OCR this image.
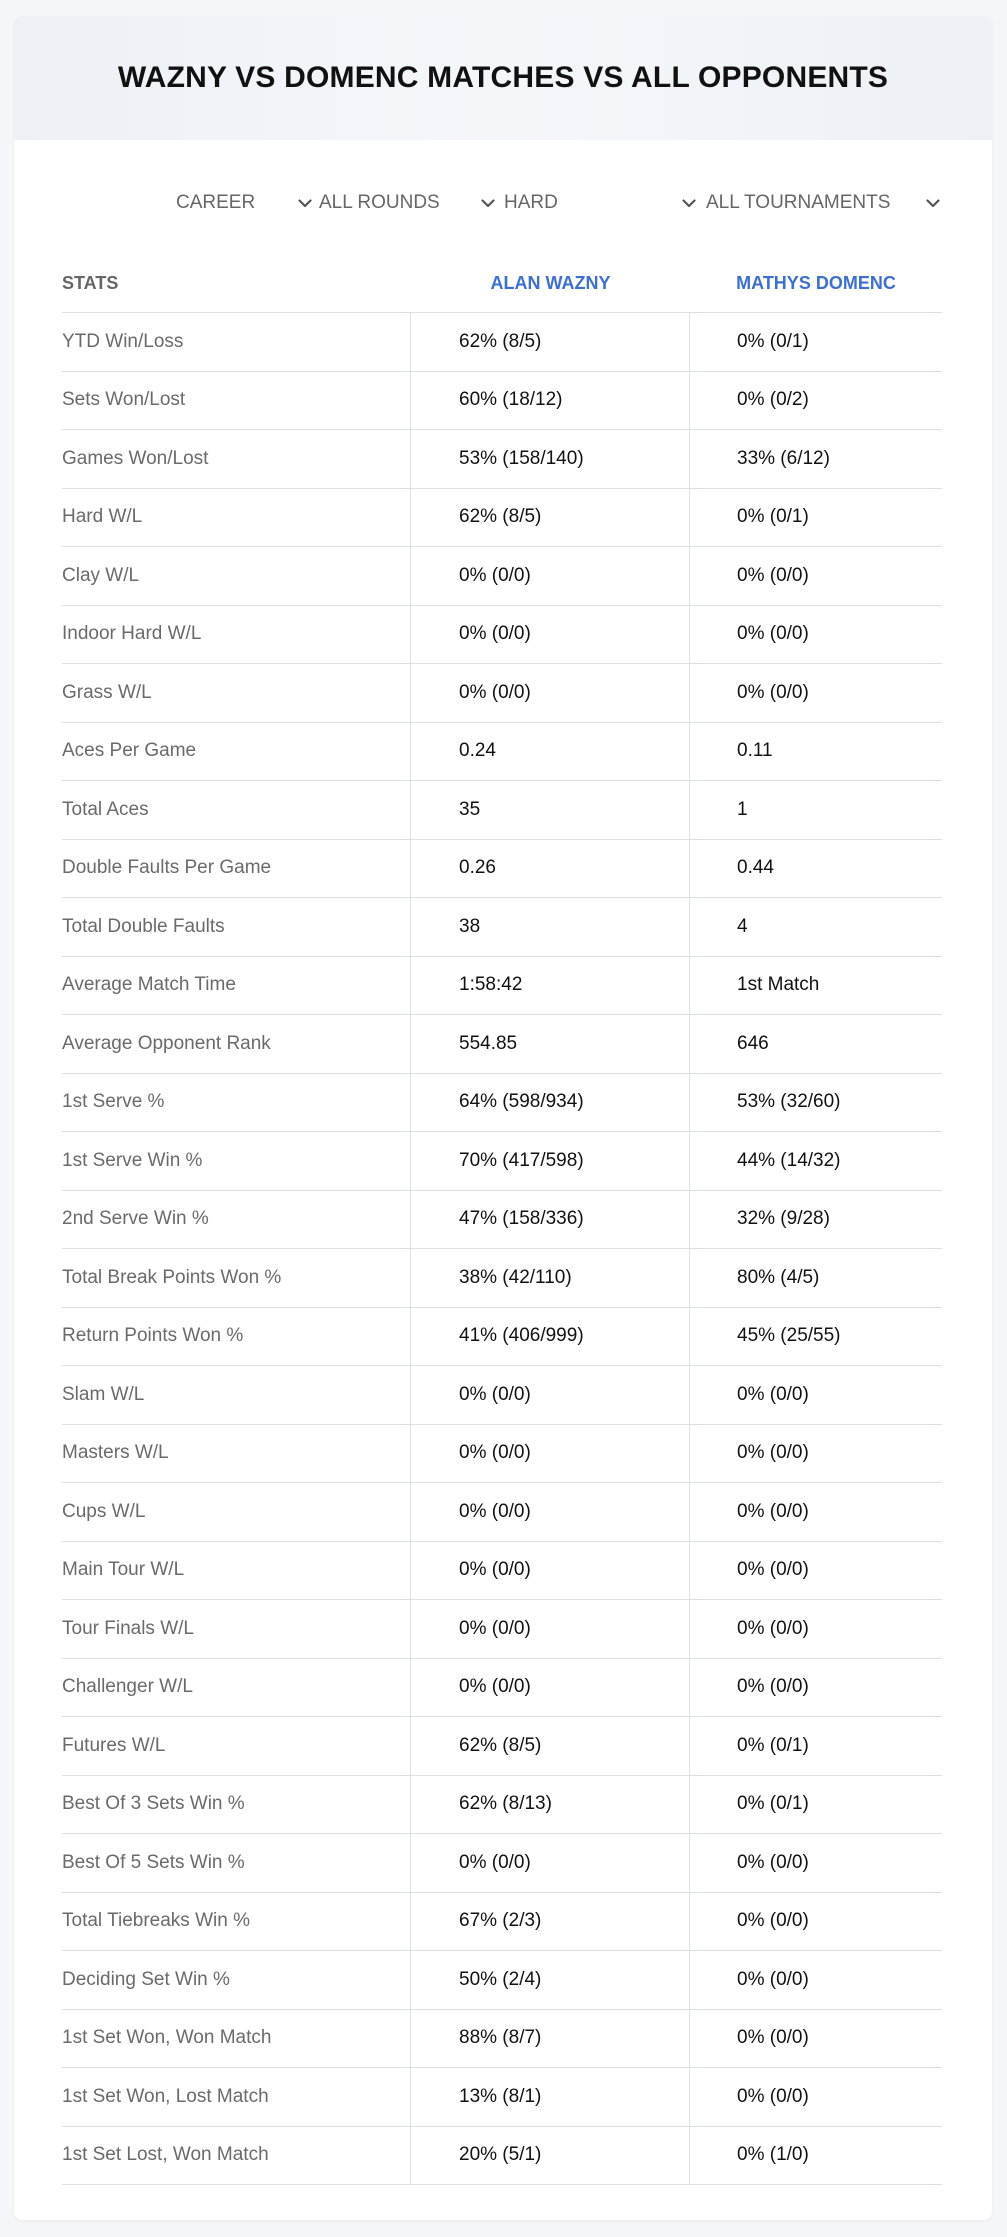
WAZNY VS DOMENC MATCHES VS ALL OPPONENTS
CAREER	ALL ROUNDS	HARD	ALL TOURNAMENTS
STATS	ALAN WAZNY	MATHYS DOMENC
YTD Win/Loss	62% (8/5)	0% (0/1)
Sets Won/Lost	60% (18/12)	0% (0/2)
Games Won/Lost	53% (158/140)	33% (6/12)
Hard W/L	62% (8/5)	0% (0/1)
Clay W/L	0% (0/0)	0% (0/0)
Indoor Hard W/L	0% (0/0)	0% (0/0)
Grass W/L	0% (0/0)	0% (0/0)
Aces Per Game	0.24	0.11
Total Aces	35	1
Double Faults Per Game	0.26	0.44
Total Double Faults	38	4
Average Match Time	1:58:42	1st Match
Average Opponent Rank	554.85	646
1st Serve %	64% (598/934)	53% (32/60)
1st Serve Win %	70% (417/598)	44% (14/32)
2nd Serve Win %	47% (158/336)	32% (9/28)
Total Break Points Won %	38% (42/110)	80% (4/5)
Return Points Won %	41% (406/999)	45% (25/55)
Slam W/L	0% (0/0)	0% (0/0)
Masters W/L	0% (0/0)	0% (0/0)
Cups W/L	0% (0/0)	0% (0/0)
Main Tour W/L	0% (0/0)	0% (0/0)
Tour Finals W/L	0% (0/0)	0% (0/0)
Challenger W/L	0% (0/0)	0% (0/0)
Futures W/L	62% (8/5)	0% (0/1)
Best Of 3 Sets Win %	62% (8/13)	0% (0/1)
Best Of 5 Sets Win %	0% (0/0)	0% (0/0)
Total Tiebreaks Win %	67% (2/3)	0% (0/0)
Deciding Set Win %	50% (2/4)	0% (0/0)
1st Set Won, Won Match	88% (8/7)	0% (0/0)
1st Set Won, Lost Match	13% (8/1)	0% (0/0)
1st Set Lost, Won Match	20% (5/1)	0% (1/0)
